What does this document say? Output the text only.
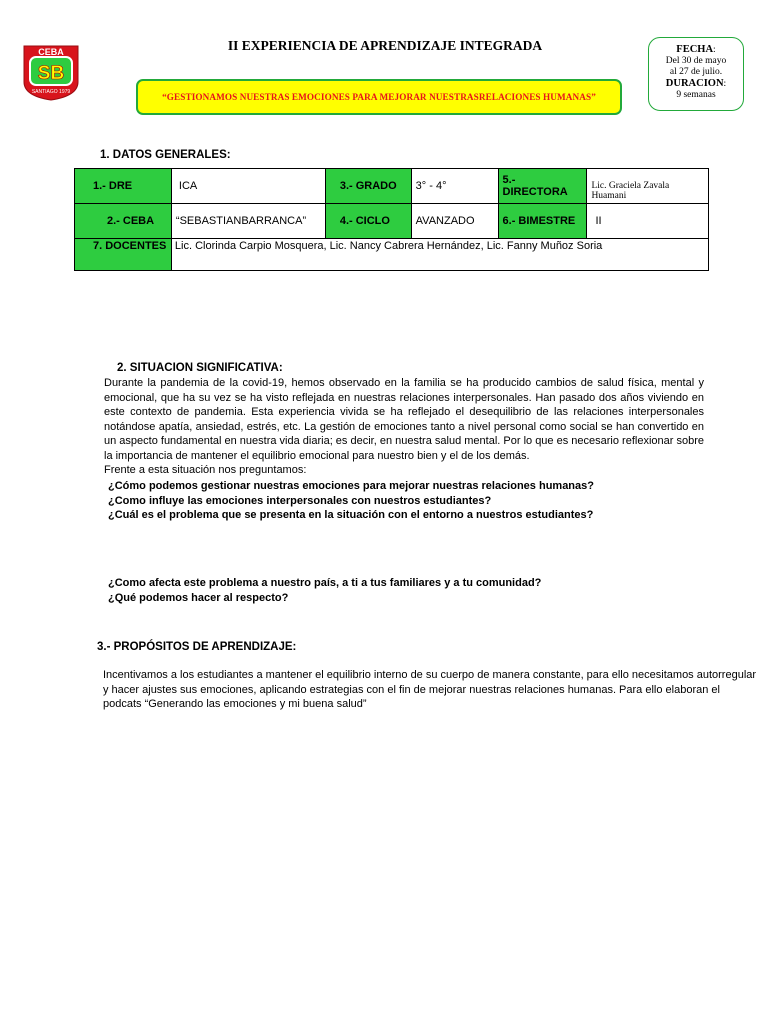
CEBA
SB
SANTIAGO 1979
II EXPERIENCIA DE APRENDIZAJE INTEGRADA
“GESTIONAMOS NUESTRAS EMOCIONES PARA MEJORAR NUESTRASRELACIONES HUMANAS”
FECHA:
Del 30 de mayo
al 27 de julio.
DURACION:
9 semanas
1. DATOS GENERALES:
1.- DRE	ICA	3.- GRADO	3° - 4°	5.- DIRECTORA	Lic. Graciela Zavala Huamani
2.- CEBA	“SEBASTIANBARRANCA”	4.- CICLO	AVANZADO	6.- BIMESTRE	II
7. DOCENTES	Lic. Clorinda Carpio Mosquera, Lic. Nancy Cabrera Hernández, Lic. Fanny Muñoz Soria				
2. SITUACION SIGNIFICATIVA:
Durante la pandemia de la covid-19, hemos observado en la familia se ha producido cambios de salud física, mental y emocional, que ha su vez se ha visto reflejada en nuestras relaciones interpersonales. Han pasado dos años viviendo en este contexto de pandemia. Esta experiencia vivida se ha reflejado el desequilibrio de las relaciones interpersonales notándose apatía, ansiedad, estrés, etc. La gestión de emociones tanto a nivel personal como social se han convertido en un aspecto fundamental en nuestra vida diaria; es decir, en nuestra salud mental. Por lo que es necesario reflexionar sobre la importancia de mantener el equilibrio emocional para nuestro bien y el de los demás.
Frente a esta situación nos preguntamos:
¿Cómo podemos gestionar nuestras emociones para mejorar nuestras relaciones humanas?
¿Como influye las emociones interpersonales con nuestros estudiantes?
¿Cuál es el problema que se presenta en la situación con el entorno a nuestros estudiantes?
¿Como afecta este problema a nuestro país, a ti a tus familiares y a tu comunidad?
¿Qué podemos hacer al respecto?
3.- PROPÓSITOS DE APRENDIZAJE:
Incentivamos a los estudiantes a mantener el equilibrio interno de su cuerpo de manera constante, para ello necesitamos autorregular y hacer ajustes sus emociones, aplicando estrategias con el fin de mejorar nuestras relaciones humanas. Para ello elaboran el podcats “Generando las emociones y mi buena salud”
